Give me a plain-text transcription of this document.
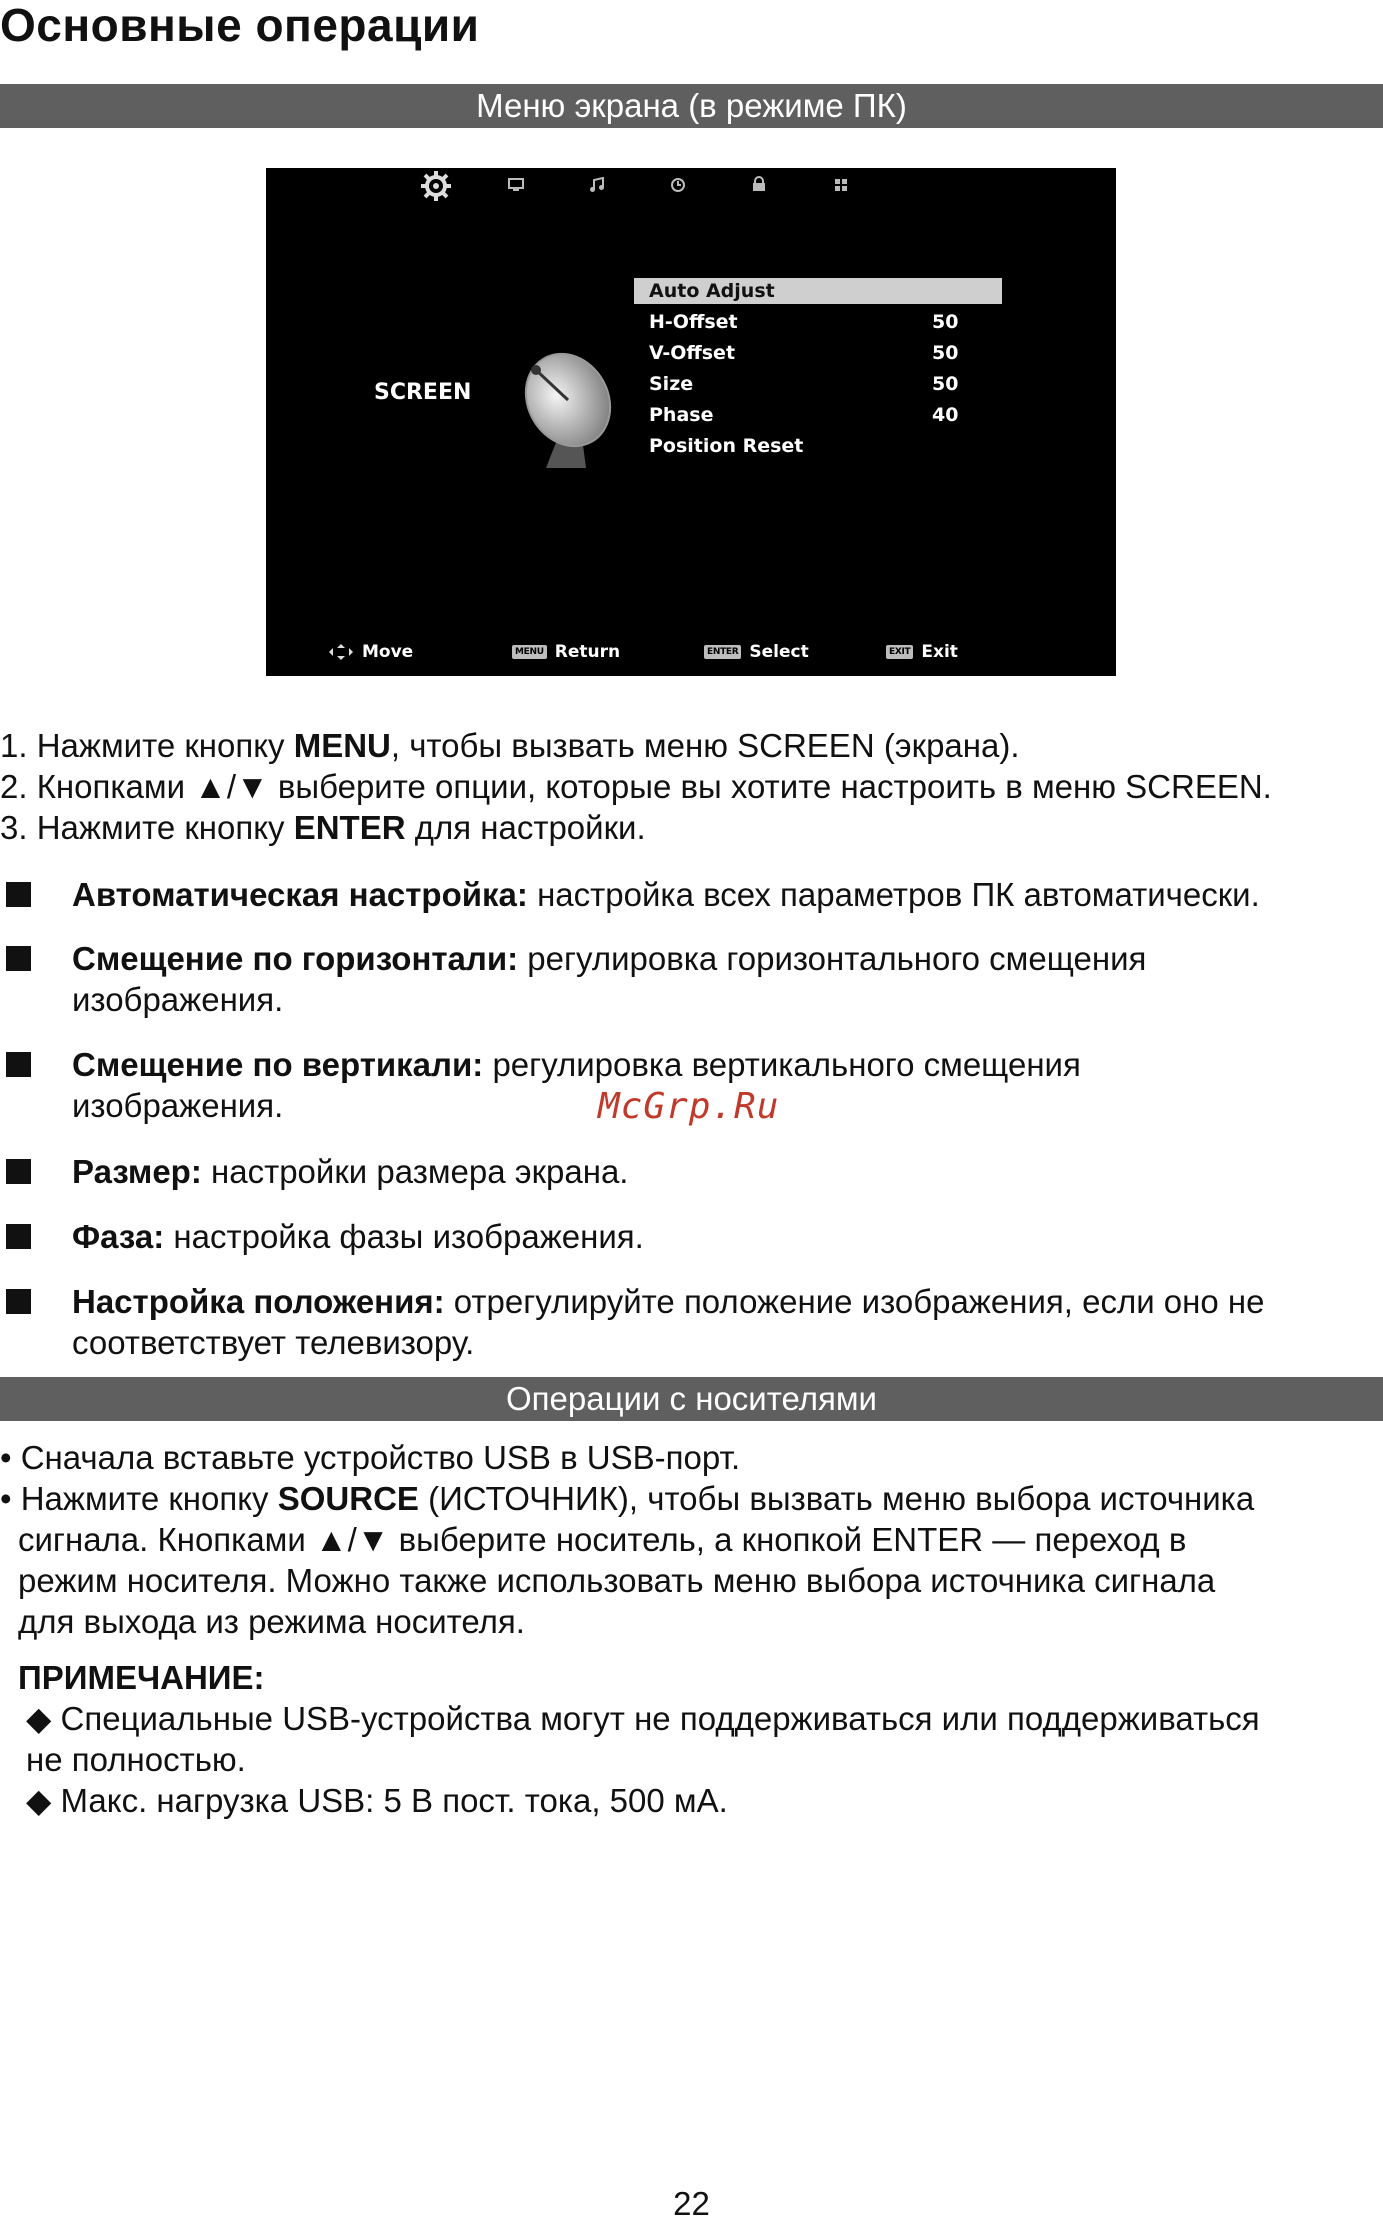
Основные операции
Меню экрана (в режиме ПК)
SCREEN
Auto Adjust
H-Offset	50
V-Offset	50
Size	50
Phase	40
Position Reset
Move	MENU Return	ENTER Select	EXIT Exit
1. Нажмите кнопку MENU, чтобы вызвать меню SCREEN (экрана).
2. Кнопками ▲/▼ выберите опции, которые вы хотите настроить в меню SCREEN.
3. Нажмите кнопку ENTER для настройки.
Автоматическая настройка: настройка всех параметров ПК автоматически.
Смещение по горизонтали: регулировка горизонтального смещения
изображения.
Смещение по вертикали: регулировка вертикального смещения
изображения.	McGrp.Ru
Размер: настройки размера экрана.
Фаза: настройка фазы изображения.
Настройка положения: отрегулируйте положение изображения, если оно не
соответствует телевизору.
Операции с носителями
• Сначала вставьте устройство USB в USB-порт.
• Нажмите кнопку SOURCE (ИСТОЧНИК), чтобы вызвать меню выбора источника
сигнала. Кнопками ▲/▼ выберите носитель, а кнопкой ENTER — переход в
режим носителя. Можно также использовать меню выбора источника сигнала
для выхода из режима носителя.
ПРИМЕЧАНИЕ:
◆ Специальные USB-устройства могут не поддерживаться или поддерживаться
не полностью.
◆ Макс. нагрузка USB: 5 В пост. тока, 500 мА.
22
